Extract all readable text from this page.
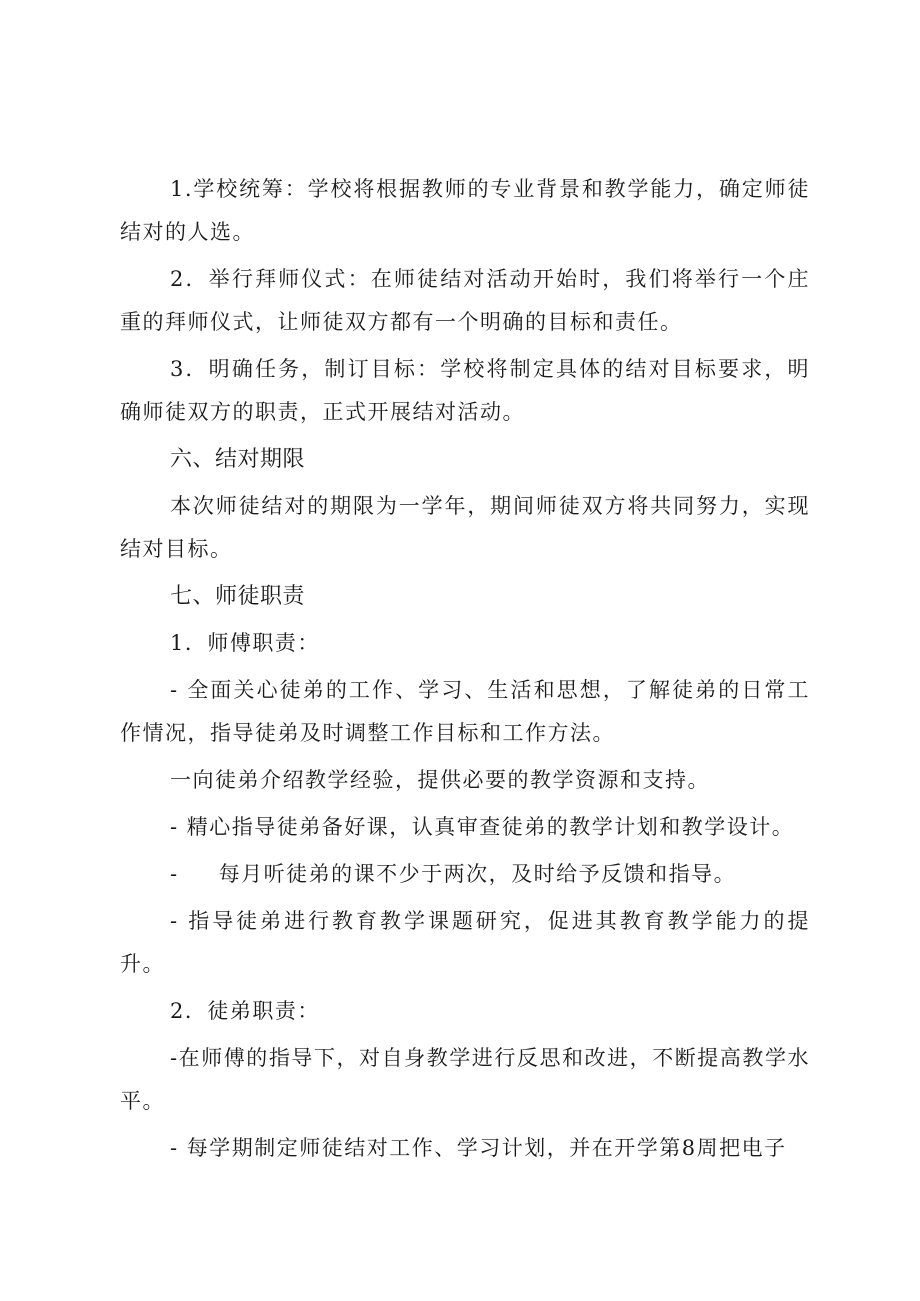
1.学校统筹：学校将根据教师的专业背景和教学能力，确定师徒结对的人选。

2．举行拜师仪式：在师徒结对活动开始时，我们将举行一个庄重的拜师仪式，让师徒双方都有一个明确的目标和责任。

3．明确任务，制订目标：学校将制定具体的结对目标要求，明确师徒双方的职责，正式开展结对活动。

六、结对期限

本次师徒结对的期限为一学年，期间师徒双方将共同努力，实现结对目标。

七、师徒职责

1．师傅职责：

- 全面关心徒弟的工作、学习、生活和思想，了解徒弟的日常工作情况，指导徒弟及时调整工作目标和工作方法。

一向徒弟介绍教学经验，提供必要的教学资源和支持。

- 精心指导徒弟备好课，认真审查徒弟的教学计划和教学设计。

- 每月听徒弟的课不少于两次，及时给予反馈和指导。

- 指导徒弟进行教育教学课题研究，促进其教育教学能力的提升。

2．徒弟职责：

-在师傅的指导下，对自身教学进行反思和改进，不断提高教学水平。

- 每学期制定师徒结对工作、学习计划，并在开学第8周把电子
